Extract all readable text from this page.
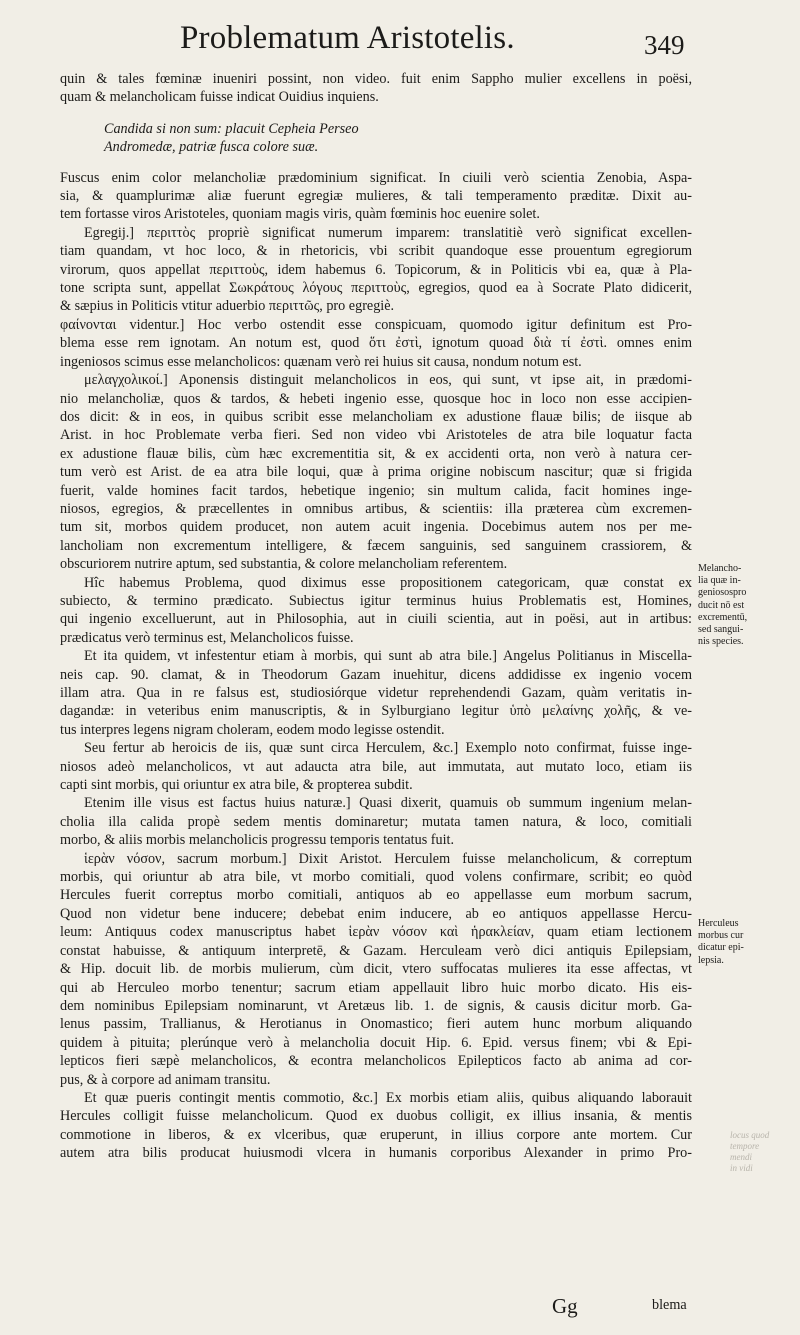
Problematum Aristotelis.	349
quin & tales fœminæ inueniri possint, non video. fuit enim Sappho mulier excellens in poësi,
quam & melancholicam fuisse indicat Ouidius inquiens.
Candida si non sum: placuit Cepheia Perseo
Andromedæ, patriæ fusca colore suæ.
Fuscus enim color melancholiæ prædominium significat. In ciuili verò scientia Zenobia, Aspa-
sia, & quamplurimæ aliæ fuerunt egregiæ mulieres, & tali temperamento præditæ. Dixit au-
tem fortasse viros Aristoteles, quoniam magis viris, quàm fœminis hoc euenire solet.
Egregij.] περιττὸς propriè significat numerum imparem: translatitiè verò significat excellen-
tiam quandam, vt hoc loco, & in rhetoricis, vbi scribit quandoque esse prouentum egregiorum
virorum, quos appellat περιττοὺς, idem habemus 6. Topicorum, & in Politicis vbi ea, quæ à Pla-
tone scripta sunt, appellat Σωκράτους λόγους περιττοὺς, egregios, quod ea à Socrate Plato didicerit,
& sæpius in Politicis vtitur aduerbio περιττῶς, pro egregiè.
φαίνονται videntur.] Hoc verbo ostendit esse conspicuam, quomodo igitur definitum est Pro-
blema esse rem ignotam. An notum est, quod ὅτι ἐστὶ, ignotum quoad διὰ τί ἐστὶ. omnes enim
ingeniosos scimus esse melancholicos: quænam verò rei huius sit causa, nondum notum est.
μελαγχολικοί.] Aponensis distinguit melancholicos in eos, qui sunt, vt ipse ait, in prædomi-
nio melancholiæ, quos & tardos, & hebeti ingenio esse, quosque hoc in loco non esse accipien-
dos dicit: & in eos, in quibus scribit esse melancholiam ex adustione flauæ bilis; de iisque ab
Arist. in hoc Problemate verba fieri. Sed non video vbi Aristoteles de atra bile loquatur facta
ex adustione flauæ bilis, cùm hæc excrementitia sit, & ex accidenti orta, non verò à natura cer-
tum verò est Arist. de ea atra bile loqui, quæ à prima origine nobiscum nascitur; quæ si frigida
fuerit, valde homines facit tardos, hebetique ingenio; sin multum calida, facit homines inge-
niosos, egregios, & præcellentes in omnibus artibus, & scientiis: illa præterea cùm excremen-
tum sit, morbos quidem producet, non autem acuit ingenia. Docebimus autem nos per me-
lancholiam non excrementum intelligere, & fæcem sanguinis, sed sanguinem crassiorem, &
obscuriorem nutrire aptum, sed substantia, & colore melancholiam referentem.
Hîc habemus Problema, quod diximus esse propositionem categoricam, quæ constat ex
subiecto, & termino prædicato. Subiectus igitur terminus huius Problematis est, Homines,
qui ingenio excelluerunt, aut in Philosophia, aut in ciuili scientia, aut in poësi, aut in artibus:
prædicatus verò terminus est, Melancholicos fuisse.
Et ita quidem, vt infestentur etiam à morbis, qui sunt ab atra bile.] Angelus Politianus in Miscella-
neis cap. 90. clamat, & in Theodorum Gazam inuehitur, dicens addidisse ex ingenio vocem
illam atra. Qua in re falsus est, studiosiórque videtur reprehendendi Gazam, quàm veritatis in-
dagandæ: in veteribus enim manuscriptis, & in Sylburgiano legitur ὑπὸ μελαίνης χολῆς, & ve-
tus interpres legens nigram choleram, eodem modo legisse ostendit.
Seu fertur ab heroicis de iis, quæ sunt circa Herculem, &c.] Exemplo noto confirmat, fuisse inge-
niosos adeò melancholicos, vt aut adaucta atra bile, aut immutata, aut mutato loco, etiam iis
capti sint morbis, qui oriuntur ex atra bile, & propterea subdit.
Etenim ille visus est factus huius naturæ.] Quasi dixerit, quamuis ob summum ingenium melan-
cholia illa calida propè sedem mentis dominaretur; mutata tamen natura, & loco, comitiali
morbo, & aliis morbis melancholicis progressu temporis tentatus fuit.
ἱερὰν νόσον, sacrum morbum.] Dixit Aristot. Herculem fuisse melancholicum, & correptum
morbis, qui oriuntur ab atra bile, vt morbo comitiali, quod volens confirmare, scribit; eo quòd
Hercules fuerit correptus morbo comitiali, antiquos ab eo appellasse eum morbum sacrum,
Quod non videtur bene inducere; debebat enim inducere, ab eo antiquos appellasse Hercu-
leum: Antiquus codex manuscriptus habet ἱερὰν νόσον καὶ ἡρακλείαν, quam etiam lectionem
constat habuisse, & antiquum interpretē, & Gazam. Herculeam verò dici antiquis Epilepsiam,
& Hip. docuit lib. de morbis mulierum, cùm dicit, vtero suffocatas mulieres ita esse affectas, vt
qui ab Herculeo morbo tenentur; sacrum etiam appellauit libro huic morbo dicato. His eis-
dem nominibus Epilepsiam nominarunt, vt Aretæus lib. 1. de signis, & causis dicitur morb. Ga-
lenus passim, Trallianus, & Herotianus in Onomastico; fieri autem hunc morbum aliquando
quidem à pituita; plerúnque verò à melancholia docuit Hip. 6. Epid. versus finem; vbi & Epi-
lepticos fieri sæpè melancholicos, & econtra melancholicos Epilepticos facto ab anima ad cor-
pus, & à corpore ad animam transitu.
Et quæ pueris contingit mentis commotio, &c.] Ex morbis etiam aliis, quibus aliquando laborauit
Hercules colligit fuisse melancholicum. Quod ex duobus colligit, ex illius insania, & mentis
commotione in liberos, & ex vlceribus, quæ eruperunt, in illius corpore ante mortem. Cur
autem atra bilis producat huiusmodi vlcera in humanis corporibus Alexander in primo Pro-
Melancho-
lia quæ in-
geniosospro
ducit nō est
excrementū,
sed sangui-
nis species.
Herculeus
morbus cur
dicatur epi-
lepsia.
locus quod
tempore
mendi
in vidi
Gg	blema
